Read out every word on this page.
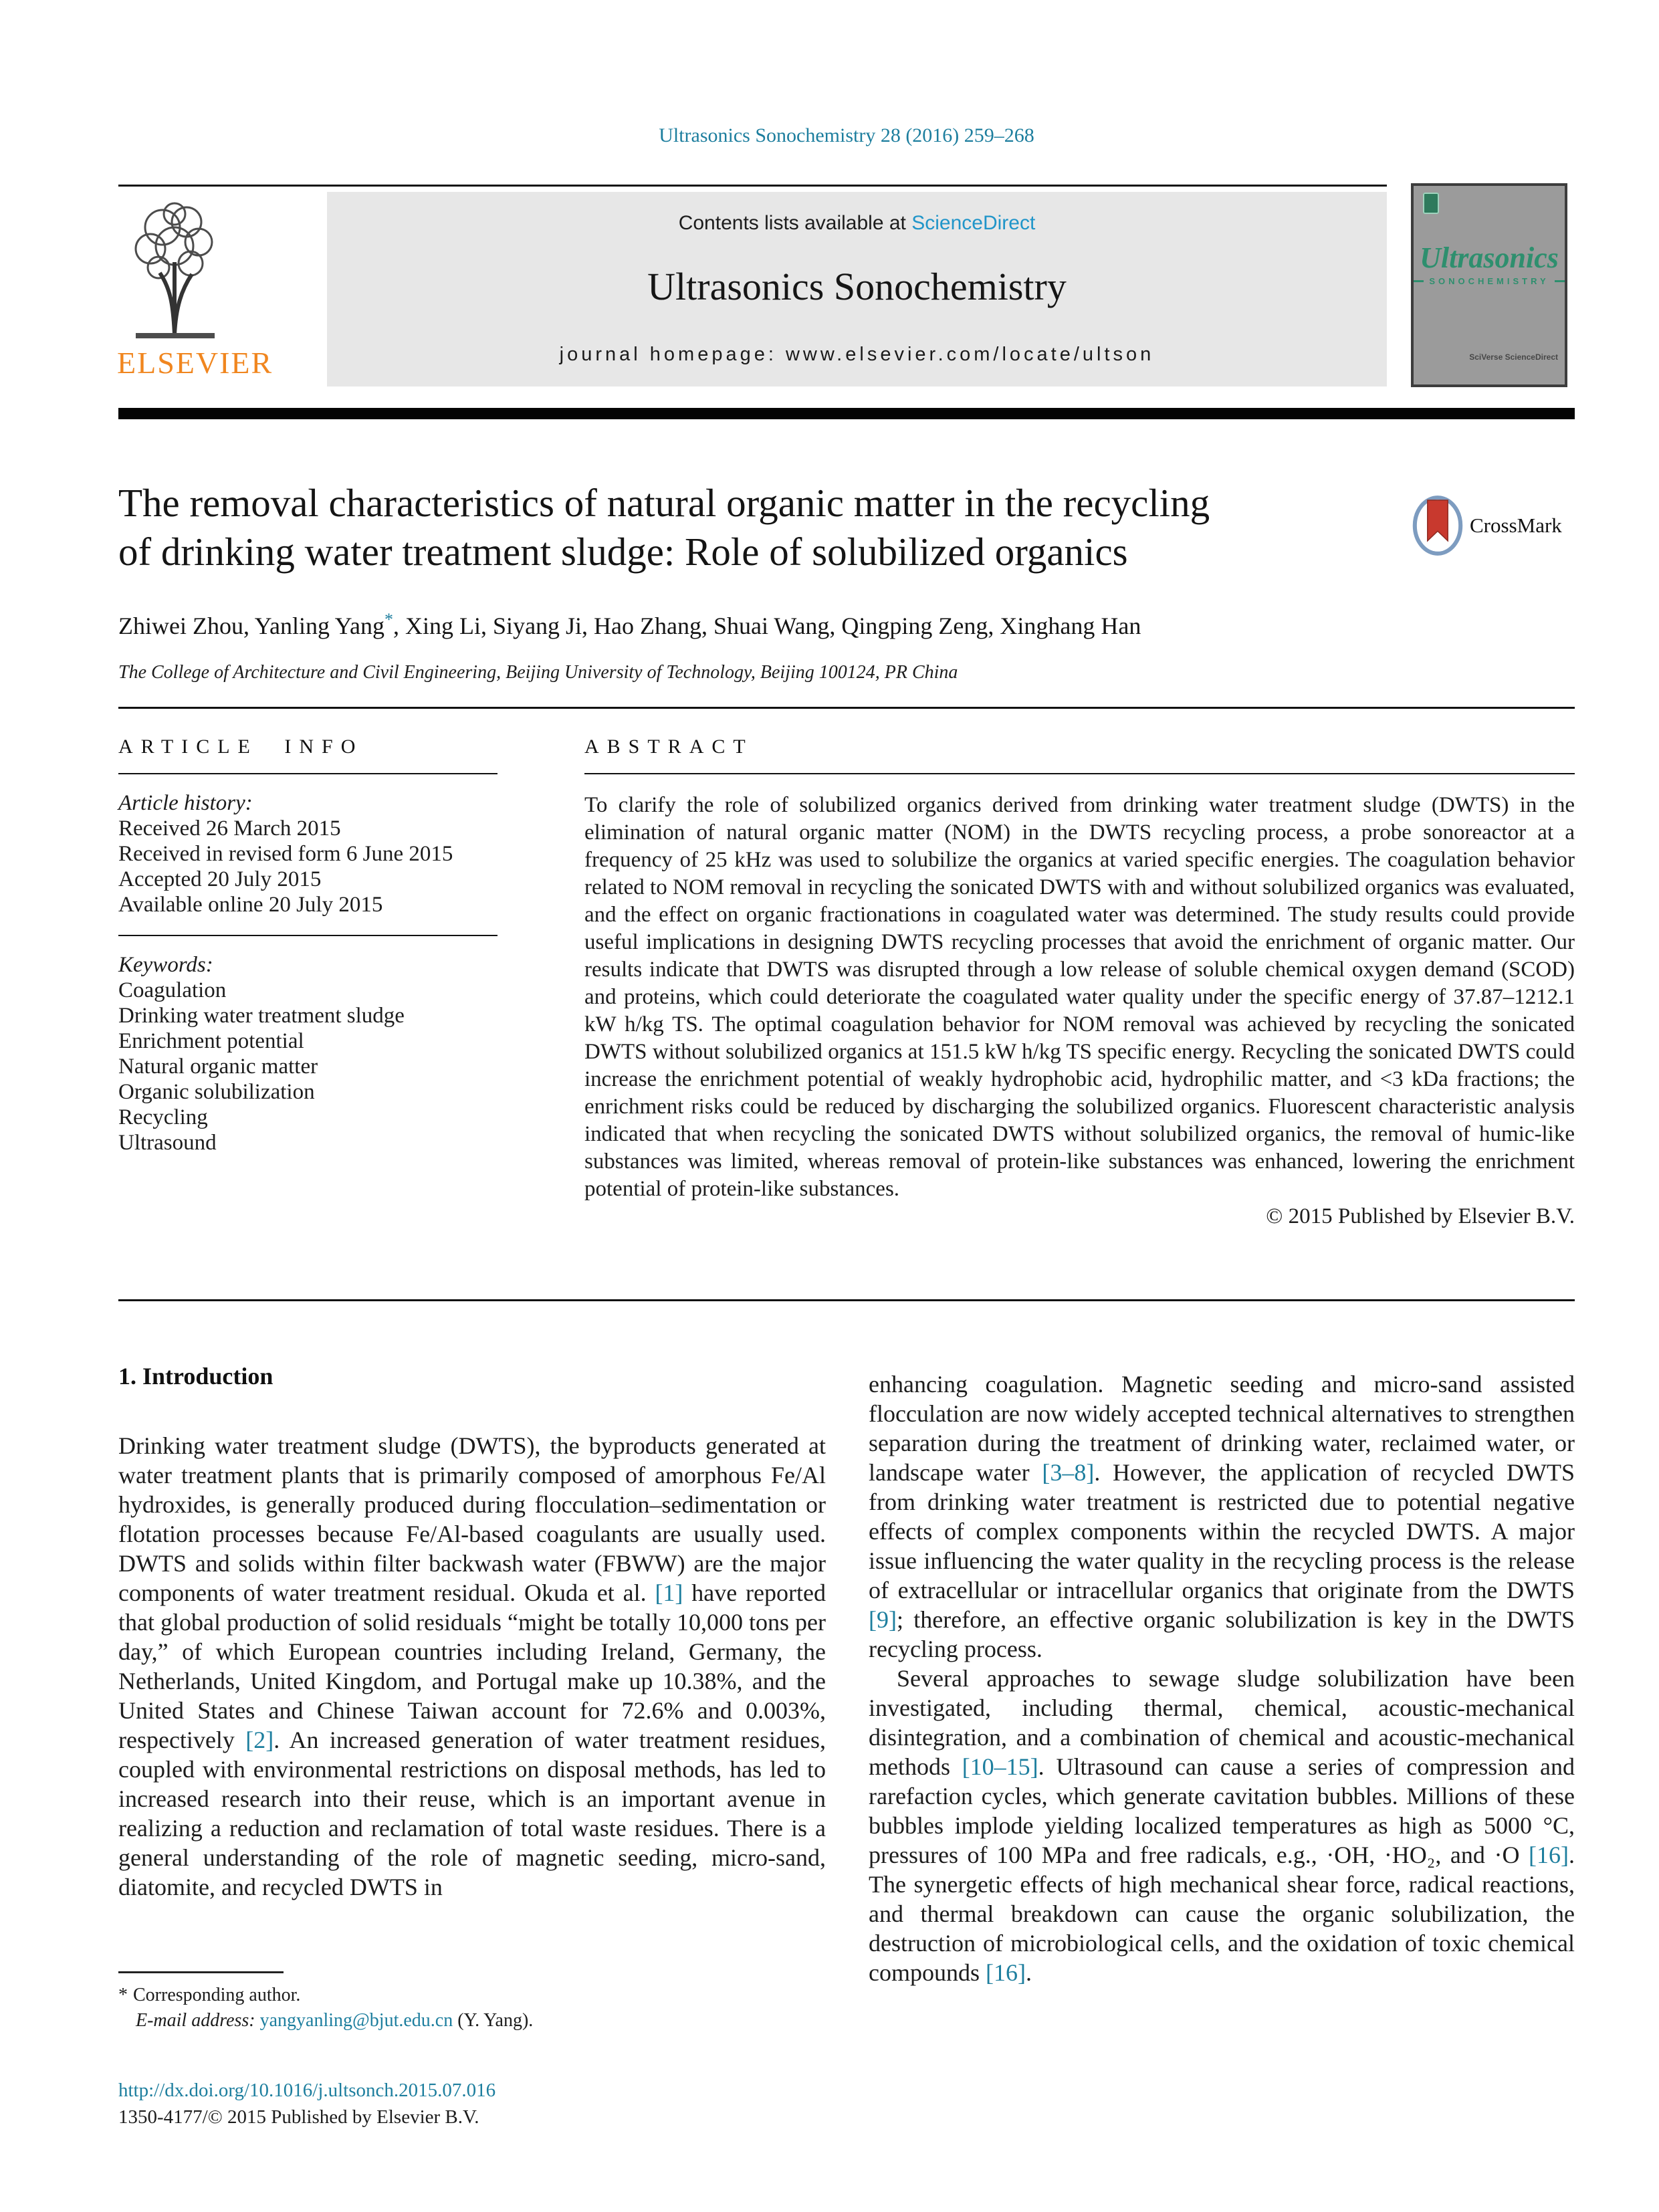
Ultrasonics Sonochemistry 28 (2016) 259–268
ELSEVIER
Contents lists available at ScienceDirect
Ultrasonics Sonochemistry
journal homepage: www.elsevier.com/locate/ultson
Ultrasonics
SONOCHEMISTRY
SciVerse ScienceDirect
The removal characteristics of natural organic matter in the recycling
of drinking water treatment sludge: Role of solubilized organics
CrossMark
Zhiwei Zhou, Yanling Yang*, Xing Li, Siyang Ji, Hao Zhang, Shuai Wang, Qingping Zeng, Xinghang Han
The College of Architecture and Civil Engineering, Beijing University of Technology, Beijing 100124, PR China
ARTICLE INFO
Article history:
Received 26 March 2015
Received in revised form 6 June 2015
Accepted 20 July 2015
Available online 20 July 2015
Keywords:
Coagulation
Drinking water treatment sludge
Enrichment potential
Natural organic matter
Organic solubilization
Recycling
Ultrasound
ABSTRACT

To clarify the role of solubilized organics derived from drinking water treatment sludge (DWTS) in the elimination of natural organic matter (NOM) in the DWTS recycling process, a probe sonoreactor at a frequency of 25 kHz was used to solubilize the organics at varied specific energies. The coagulation behavior related to NOM removal in recycling the sonicated DWTS with and without solubilized organics was evaluated, and the effect on organic fractionations in coagulated water was determined. The study results could provide useful implications in designing DWTS recycling processes that avoid the enrichment of organic matter. Our results indicate that DWTS was disrupted through a low release of soluble chemical oxygen demand (SCOD) and proteins, which could deteriorate the coagulated water quality under the specific energy of 37.87–1212.1 kW h/kg TS. The optimal coagulation behavior for NOM removal was achieved by recycling the sonicated DWTS without solubilized organics at 151.5 kW h/kg TS specific energy. Recycling the sonicated DWTS could increase the enrichment potential of weakly hydrophobic acid, hydrophilic matter, and <3 kDa fractions; the enrichment risks could be reduced by discharging the solubilized organics. Fluorescent characteristic analysis indicated that when recycling the sonicated DWTS without solubilized organics, the removal of humic-like substances was limited, whereas removal of protein-like substances was enhanced, lowering the enrichment potential of protein-like substances.

© 2015 Published by Elsevier B.V.
1. Introduction

Drinking water treatment sludge (DWTS), the byproducts generated at water treatment plants that is primarily composed of amorphous Fe/Al hydroxides, is generally produced during flocculation–sedimentation or flotation processes because Fe/Al-based coagulants are usually used. DWTS and solids within filter backwash water (FBWW) are the major components of water treatment residual. Okuda et al. [1] have reported that global production of solid residuals “might be totally 10,000 tons per day,” of which European countries including Ireland, Germany, the Netherlands, United Kingdom, and Portugal make up 10.38%, and the United States and Chinese Taiwan account for 72.6% and 0.003%, respectively [2]. An increased generation of water treatment residues, coupled with environmental restrictions on disposal methods, has led to increased research into their reuse, which is an important avenue in realizing a reduction and reclamation of total waste residues. There is a general understanding of the role of magnetic seeding, micro-sand, diatomite, and recycled DWTS in

enhancing coagulation. Magnetic seeding and micro-sand assisted flocculation are now widely accepted technical alternatives to strengthen separation during the treatment of drinking water, reclaimed water, or landscape water [3–8]. However, the application of recycled DWTS from drinking water treatment is restricted due to potential negative effects of complex components within the recycled DWTS. A major issue influencing the water quality in the recycling process is the release of extracellular or intracellular organics that originate from the DWTS [9]; therefore, an effective organic solubilization is key in the DWTS recycling process.

Several approaches to sewage sludge solubilization have been investigated, including thermal, chemical, acoustic-mechanical disintegration, and a combination of chemical and acoustic-mechanical methods [10–15]. Ultrasound can cause a series of compression and rarefaction cycles, which generate cavitation bubbles. Millions of these bubbles implode yielding localized temperatures as high as 5000 °C, pressures of 100 MPa and free radicals, e.g., ·OH, ·HO₂, and ·O [16]. The synergetic effects of high mechanical shear force, radical reactions, and thermal breakdown can cause the organic solubilization, the destruction of microbiological cells, and the oxidation of toxic chemical compounds [16].

* Corresponding author.
E-mail address: yangyanling@bjut.edu.cn (Y. Yang).
http://dx.doi.org/10.1016/j.ultsonch.2015.07.016
1350-4177/© 2015 Published by Elsevier B.V.
